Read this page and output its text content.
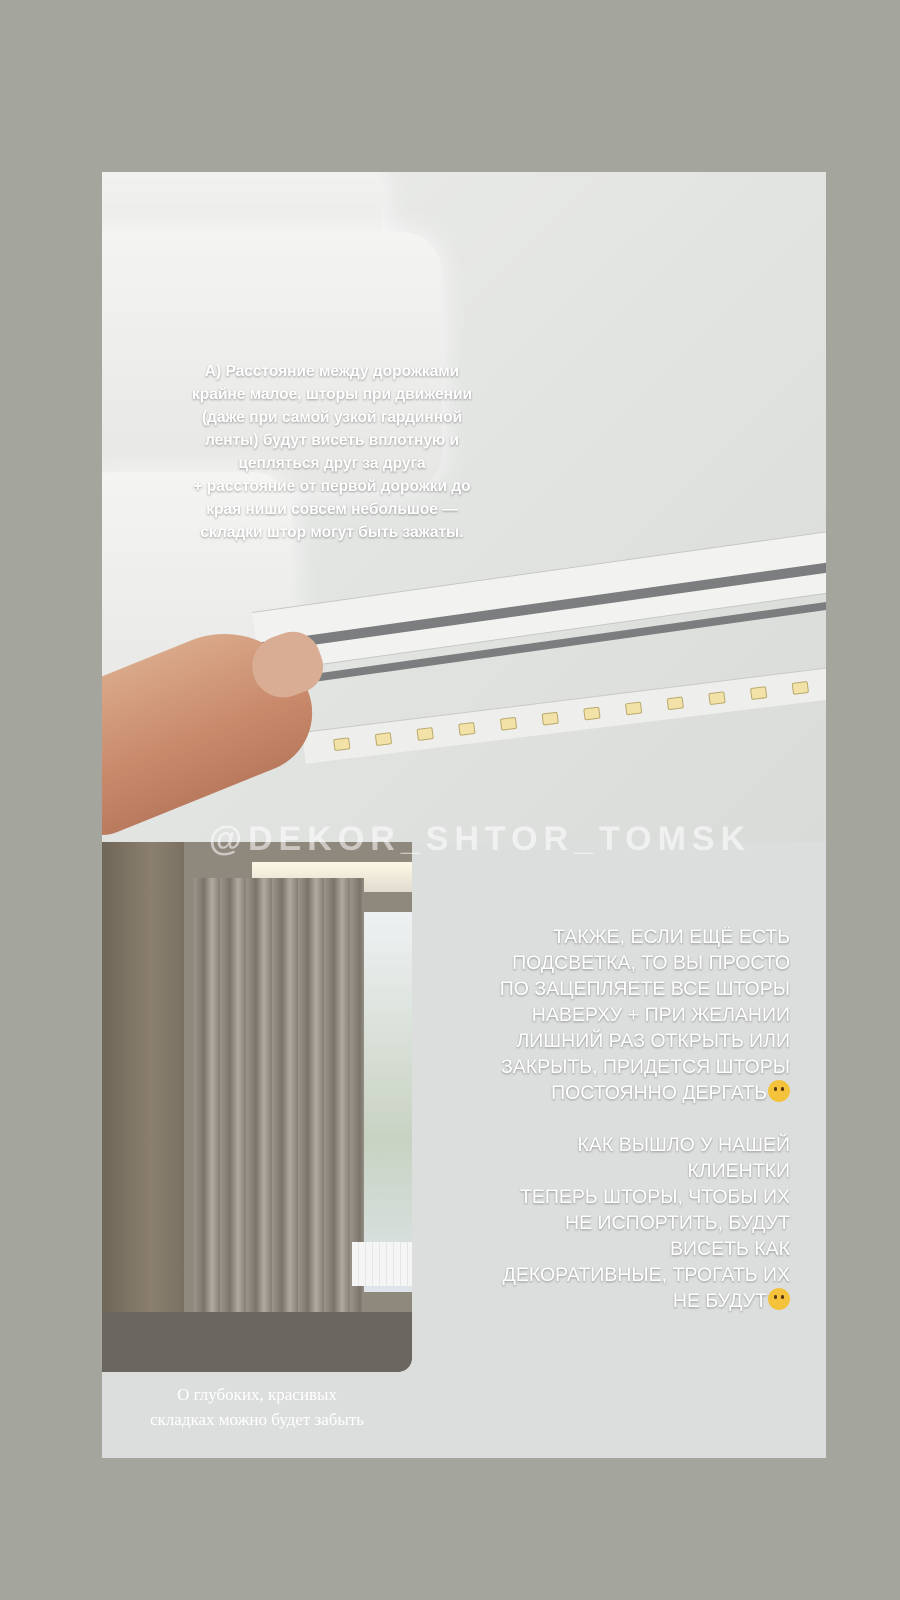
А) Расстояние между дорожками

крайне малое, шторы при движении

(даже при самой узкой гардинной

ленты) будут висеть вплотную и

цепляться друг за друга

+ расстояние от первой дорожки до

края ниши совсем небольшое —

складки штор могут быть зажаты.

@DEKOR_SHTOR_TOMSK

ТАКЖЕ, ЕСЛИ ЕЩЁ ЕСТЬ

ПОДСВЕТКА, ТО ВЫ ПРОСТО

ПО ЗАЦЕПЛЯЕТЕ ВСЕ ШТОРЫ

НАВЕРХУ + ПРИ ЖЕЛАНИИ

ЛИШНИЙ РАЗ ОТКРЫТЬ ИЛИ

ЗАКРЫТЬ, ПРИДЕТСЯ ШТОРЫ

ПОСТОЯННО ДЕРГАТЬ

КАК ВЫШЛО У НАШЕЙ

КЛИЕНТКИ

ТЕПЕРЬ ШТОРЫ, ЧТОБЫ ИХ

НЕ ИСПОРТИТЬ, БУДУТ

ВИСЕТЬ КАК

ДЕКОРАТИВНЫЕ, ТРОГАТЬ ИХ

НЕ БУДУТ

О глубоких, красивых

складках можно будет забыть
